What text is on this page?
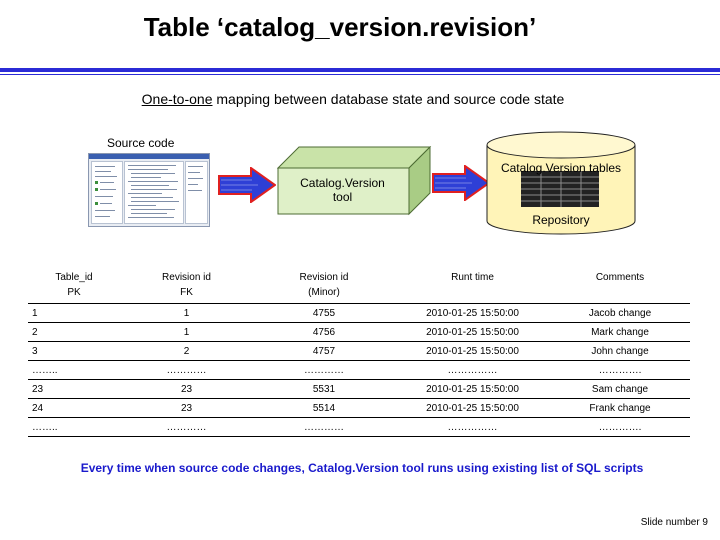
Table ‘catalog_version.revision’
One-to-one mapping between database state and source code state
Source code
Catalog.Version
tool
Catalog.Version tables
Repository
Table_id	Revision id	Revision id	Runt time	Comments
PK	FK	(Minor)		
1	1	4755	2010-01-25 15:50:00	Jacob change
2	1	4756	2010-01-25 15:50:00	Mark change
3	2	4757	2010-01-25 15:50:00	John change
……..	…………	…………	……………	………….
23	23	5531	2010-01-25 15:50:00	Sam change
24	23	5514	2010-01-25 15:50:00	Frank change
……..	…………	…………	……………	………….
Every time when source code changes, Catalog.Version tool runs using existing list of SQL scripts
Slide number 9
